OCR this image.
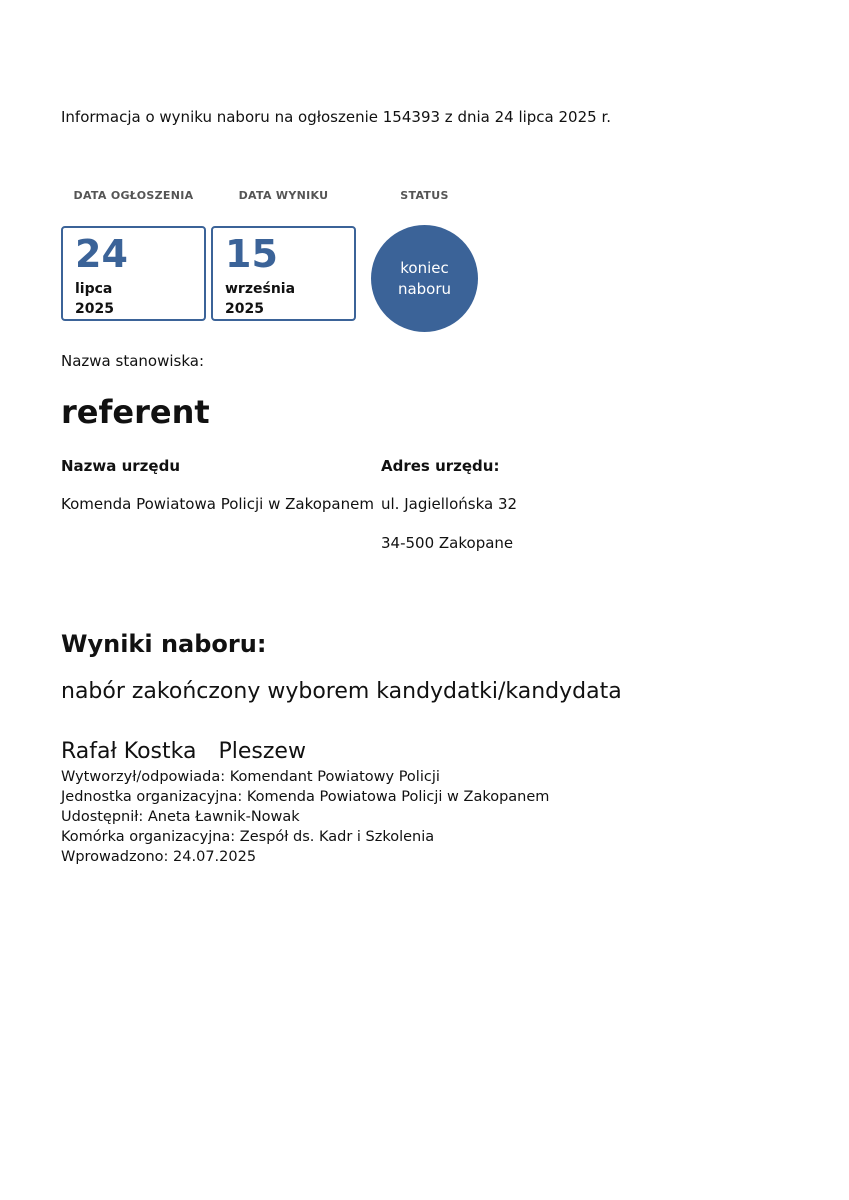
Informacja o wyniku naboru na ogłoszenie 154393 z dnia 24 lipca 2025 r.
DATA OGŁOSZENIA	DATA WYNIKU	STATUS
24
lipca
2025
15
września
2025
koniec naboru
Nazwa stanowiska:
referent
Nazwa urzędu	Adres urzędu:
Komenda Powiatowa Policji w Zakopanem ul. Jagiellońska 32
34-500 Zakopane
Wyniki naboru:
nabór zakończony wyborem kandydatki/kandydata
Rafał Kostka Pleszew
Wytworzył/odpowiada: Komendant Powiatowy Policji
Jednostka organizacyjna: Komenda Powiatowa Policji w Zakopanem
Udostępnił: Aneta Ławnik-Nowak
Komórka organizacyjna: Zespół ds. Kadr i Szkolenia
Wprowadzono: 24.07.2025
